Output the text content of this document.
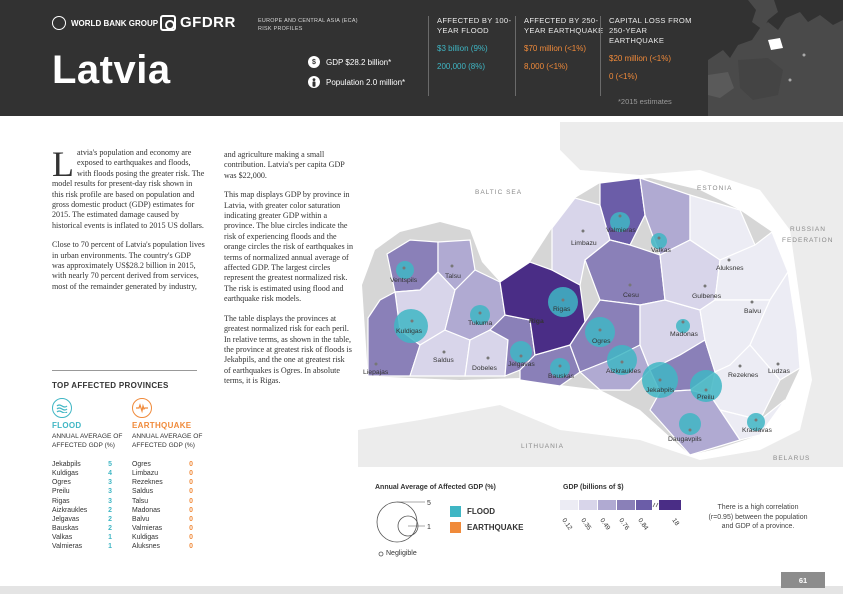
WORLD BANK GROUP GFDRR	EUROPE AND CENTRAL ASIA (ECA) RISK PROFILES
Latvia	$	GDP $28.2 billion*
Population 2.0 million*
AFFECTED BY 100-YEAR FLOOD
$3 billion (9%)
200,000 (8%)
AFFECTED BY 250-YEAR EARTHQUAKE
$70 million (<1%)
8,000 (<1%)
CAPITAL LOSS FROM 250-YEAR EARTHQUAKE
$20 million (<1%)
0 (<1%)
*2015 estimates

Latvia's population and economy are exposed to earthquakes and floods, with floods posing the greater risk. The model results for present-day risk shown in this risk profile are based on population and gross domestic product (GDP) estimates for 2015. The estimated damage caused by historical events is inflated to 2015 US dollars.

Close to 70 percent of Latvia's population lives in urban environments. The country's GDP was approximately US$28.2 billion in 2015, with nearly 70 percent derived from services, most of the remainder generated by industry,

and agriculture making a small contribution. Latvia's per capita GDP was $22,000.

This map displays GDP by province in Latvia, with greater color saturation indicating greater GDP within a province. The blue circles indicate the risk of experiencing floods and the orange circles the risk of earthquakes in terms of normalized annual average of affected GDP. The largest circles represent the greatest normalized risk. The risk is estimated using flood and earthquake risk models.

The table displays the provinces at greatest normalized risk for each peril. In relative terms, as shown in the table, the province at greatest risk of floods is Jekabpils, and the one at greatest risk of earthquakes is Ogres. In absolute terms, it is Rigas.

TOP AFFECTED PROVINCES
FLOOD	EARTHQUAKE
ANNUAL AVERAGE OF AFFECTED GDP (%)
ANNUAL AVERAGE OF AFFECTED GDP (%)
Jekabpils	5
Kuldigas	4
Ogres	3
Preilu	3
Rigas	3
Aizkraukles	2
Jelgavas	2
Bauskas	2
Valkas	1
Valmieras	1
Ogres	0
Limbazu	0
Rezeknes	0
Saldus	0
Talsu	0
Madonas	0
Balvu	0
Valmieras	0
Kuldigas	0
Aluksnes	0
BALTIC SEA
ESTONIA
RUSSIAN
FEDERATION
LITHUANIA
BELARUS
Valmieras
Limbazu
Valkas
Aluksnes
Ventspils
Talsu
Cesu	Gulbenes
Balvu
Kuldigas
Tukuma	Riga
Rigas
Ogres
Madonas
Saldus
Dobeles
Jelgavas
Bauskas
Aizkraukles
Jekabpils
Rezeknes
Ludzas
Liepajas
Preilu
Kraslavas
Daugavpils
Annual Average of Affected GDP (%)
5
1
Negligible
FLOOD
EARTHQUAKE
GDP (billions of $)
0.12 0.35 0.49 0.76 0.84	18
There is a high correlation (r=0.95) between the population and GDP of a province.
61
